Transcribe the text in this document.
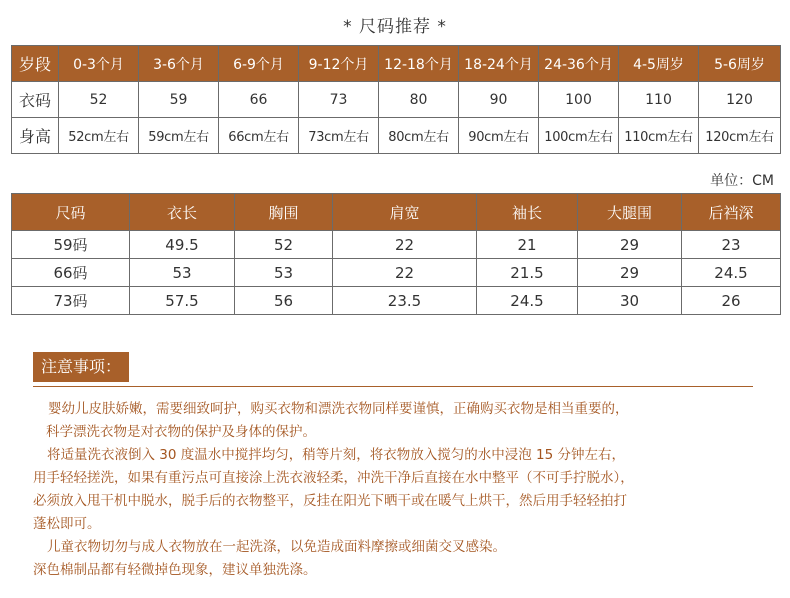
* 尺码推荐 *
岁段	0-3个月	3-6个月	6-9个月	9-12个月	12-18个月	18-24个月	24-36个月	4-5周岁	5-6周岁
衣码	52	59	66	73	80	90	100	110	120
身高	52cm左右	59cm左右	66cm左右	73cm左右	80cm左右	90cm左右	100cm左右	110cm左右	120cm左右
单位：CM
尺码	衣长	胸围	肩宽	袖长	大腿围	后裆深
59码	49.5	52	22	21	29	23
66码	53	53	22	21.5	29	24.5
73码	57.5	56	23.5	24.5	30	26
注意事项：

婴幼儿皮肤娇嫩，需要细致呵护，购买衣物和漂洗衣物同样要谨慎，正确购买衣物是相当重要的，

科学漂洗衣物是对衣物的保护及身体的保护。

将适量洗衣液倒入 30 度温水中搅拌均匀，稍等片刻，将衣物放入搅匀的水中浸泡 15 分钟左右，

用手轻轻搓洗，如果有重污点可直接涂上洗衣液轻柔，冲洗干净后直接在水中整平（不可手拧脱水），

必须放入甩干机中脱水，脱手后的衣物整平，反挂在阳光下晒干或在暖气上烘干，然后用手轻轻拍打

蓬松即可。

儿童衣物切勿与成人衣物放在一起洗涤，以免造成面料摩擦或细菌交叉感染。

深色棉制品都有轻微掉色现象，建议单独洗涤。
